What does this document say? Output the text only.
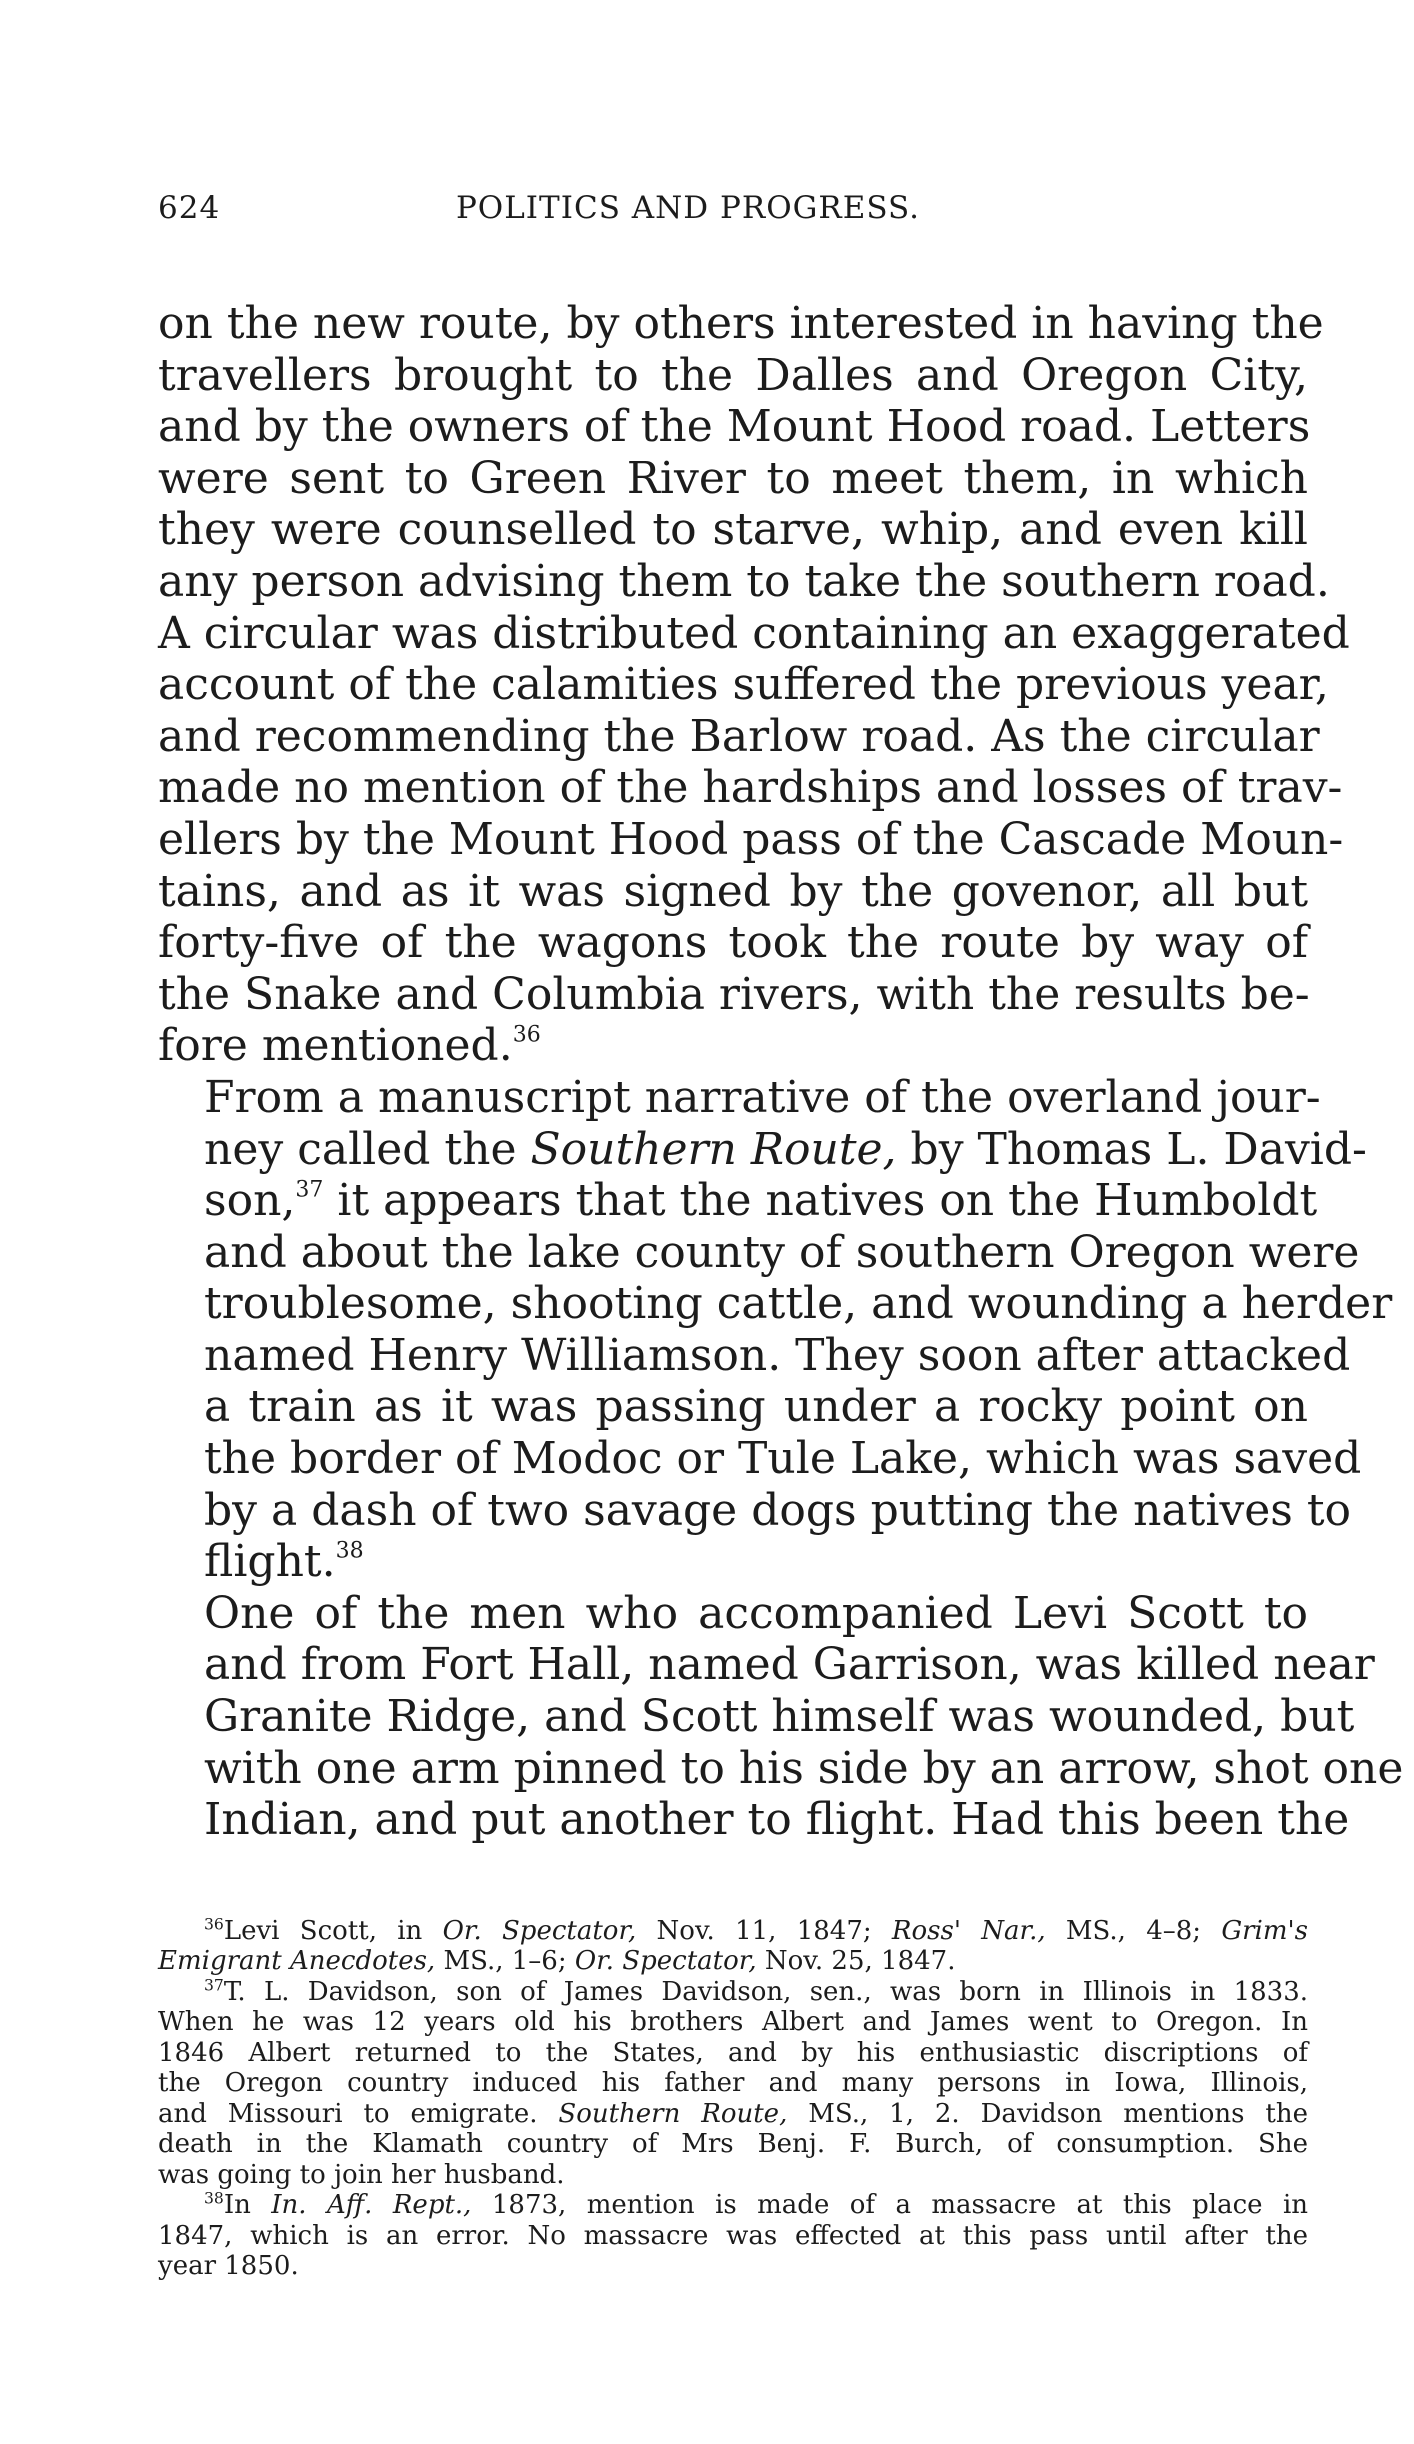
624	POLITICS AND PROGRESS.

on the new route, by others interested in having the
travellers brought to the Dalles and Oregon City,
and by the owners of the Mount Hood road. Letters
were sent to Green River to meet them, in which
they were counselled to starve, whip, and even kill
any person advising them to take the southern road.
A circular was distributed containing an exaggerated
account of the calamities suffered the previous year,
and recommending the Barlow road. As the circular
made no mention of the hardships and losses of trav-
ellers by the Mount Hood pass of the Cascade Moun-
tains, and as it was signed by the govenor, all but
forty-five of the wagons took the route by way of
the Snake and Columbia rivers, with the results be-
fore mentioned.$^{36}$

From a manuscript narrative of the overland jour-
ney called the Southern Route, by Thomas L. David-
son,$^{37}$ it appears that the natives on the Humboldt
and about the lake county of southern Oregon were
troublesome, shooting cattle, and wounding a herder
named Henry Williamson. They soon after attacked
a train as it was passing under a rocky point on
the border of Modoc or Tule Lake, which was saved
by a dash of two savage dogs putting the natives to
flight.$^{38}$

One of the men who accompanied Levi Scott to
and from Fort Hall, named Garrison, was killed near
Granite Ridge, and Scott himself was wounded, but
with one arm pinned to his side by an arrow, shot one
Indian, and put another to flight. Had this been the

$^{36}$Levi Scott, in Or. Spectator, Nov. 11, 1847; Ross' Nar., MS., 4–8; Grim's
Emigrant Anecdotes, MS., 1–6; Or. Spectator, Nov. 25, 1847.

$^{37}$T. L. Davidson, son of James Davidson, sen., was born in Illinois in 1833.
When he was 12 years old his brothers Albert and James went to Oregon. In
1846 Albert returned to the States, and by his enthusiastic discriptions of
the Oregon country induced his father and many persons in Iowa, Illinois,
and Missouri to emigrate. Southern Route, MS., 1, 2. Davidson mentions the
death in the Klamath country of Mrs Benj. F. Burch, of consumption. She
was going to join her husband.

$^{38}$In In. Aff. Rept., 1873, mention is made of a massacre at this place in
1847, which is an error. No massacre was effected at this pass until after the
year 1850.
